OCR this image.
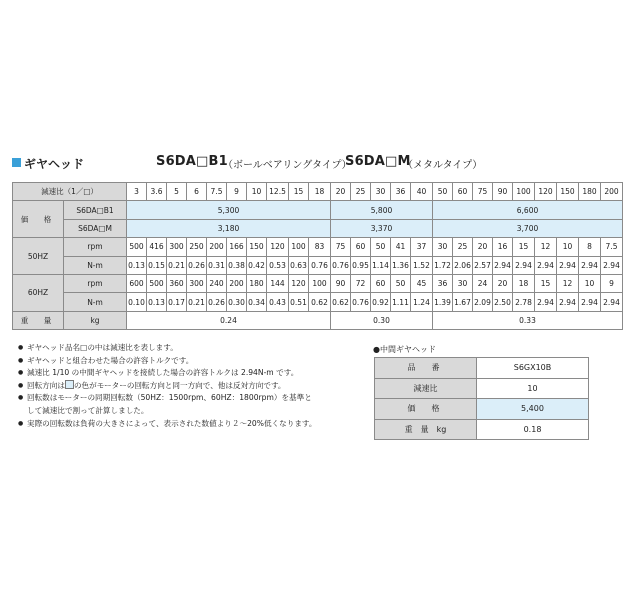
ギヤヘッド	S6DA□B1
（ボールベアリングタイプ）
S6DA□M
（メタルタイプ）
減速比（1／□）		3	3.6	5	6	7.5	9	10	12.5	15	18	20	25	30	36	40	50	60	75	90	100	120	150	180	200
価　格	S6DA□B1	5,300										5,800					6,600								
	S6DA□M	3,180										3,370					3,700								
50HZ	rpm	500	416	300	250	200	166	150	120	100	83	75	60	50	41	37	30	25	20	16	15	12	10	8	7.5
	N-m	0.13	0.15	0.21	0.26	0.31	0.38	0.42	0.53	0.63	0.76	0.76	0.95	1.14	1.36	1.52	1.72	2.06	2.57	2.94	2.94	2.94	2.94	2.94	2.94
60HZ	rpm	600	500	360	300	240	200	180	144	120	100	90	72	60	50	45	36	30	24	20	18	15	12	10	9
	N-m	0.10	0.13	0.17	0.21	0.26	0.30	0.34	0.43	0.51	0.62	0.62	0.76	0.92	1.11	1.24	1.39	1.67	2.09	2.50	2.78	2.94	2.94	2.94	2.94
重　量	kg	0.24										0.30					0.33								
● ギヤヘッド品名□の中は減速比を表します。
● ギヤヘッドと組合わせた場合の許容トルクです。
● 減速比 1/10 の中間ギヤヘッドを接続した場合の許容トルクは 2.94N-m です。
● 回転方向は の色がモーターの回転方向と同一方向で、他は反対方向です。
● 回転数はモーターの同期回転数（50HZ：1500rpm、60HZ：1800rpm）を基準と
して減速比で割って計算しました。
● 実際の回転数は負荷の大きさによって、表示された数値より２～20%低くなります。
●中間ギヤヘッド
品　番	S6GX10B
減速比	10
価　格	5,400
重　量　kg	0.18
